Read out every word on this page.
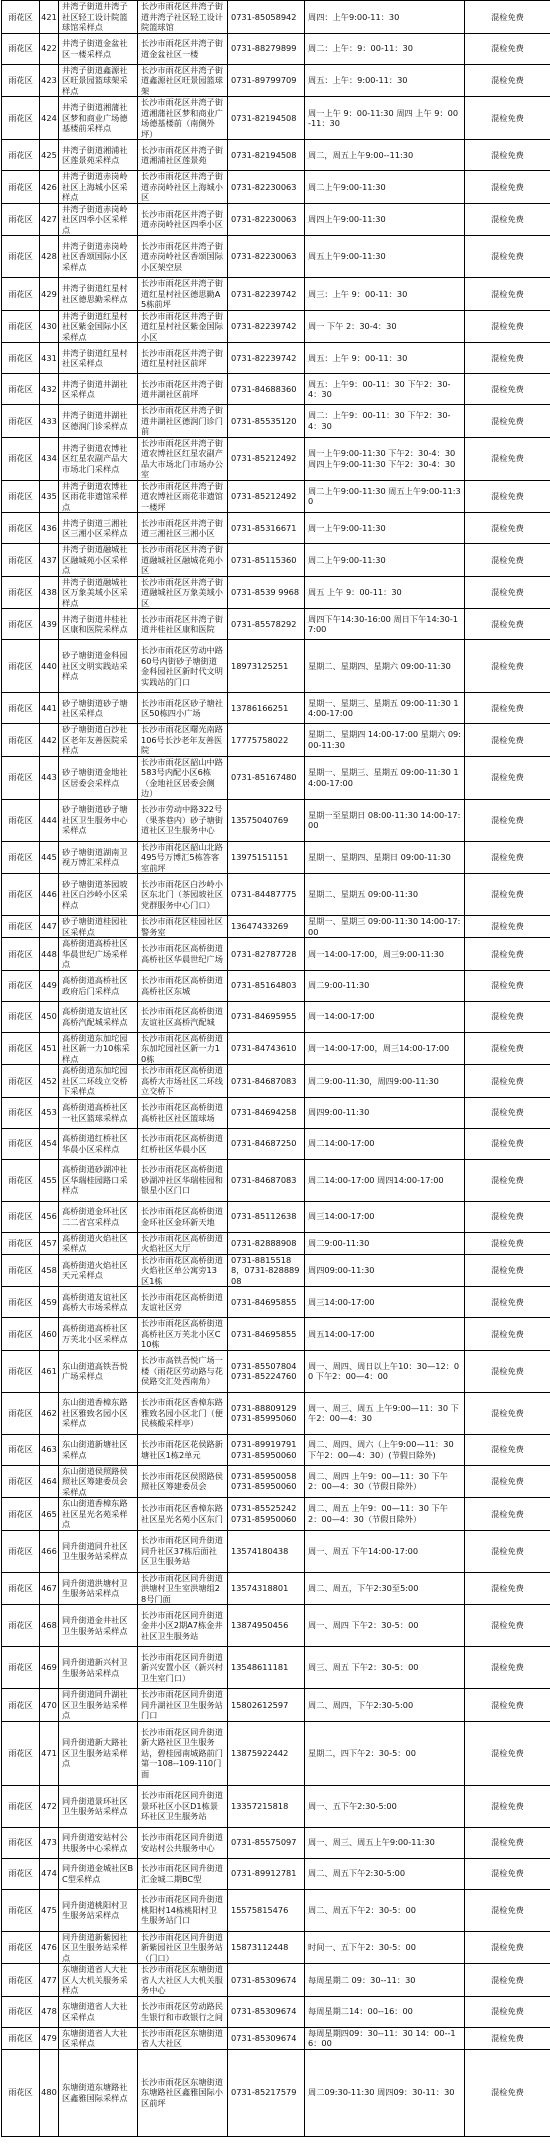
雨花区	421	井湾子街道井湾子社区轻工设计院篮球馆采样点	长沙市雨花区井湾子街道井湾子社区轻工设计院篮球馆	0731-85058942	周四：上午9:00-11：30	混检免费
雨花区	422	井湾子街道金盆社区一楼采样点	长沙市雨花区井湾子街道金盆社区一楼	0731-88279899	周二：上午：9：00-11：30	混检免费
雨花区	423	井湾子街道鑫源社区旺景园篮球架采样点	长沙市雨花区井湾子街道鑫源社区旺景园篮球架	0731-89799709	周五：上午：9:00-11：30	混检免费
雨花区	424	井湾子街道湘蒲社区梦和商业广场德基楼前采样点	长沙市雨花区井湾子街道湘蒲社区梦和商业广场德基楼前（南侧外坪）	0731-82194508	周一上午 9：00-11:30 周四 上午 9：00-11：30	混检免费
雨花区	425	井湾子街道湘浦社区莲景苑采样点	长沙市雨花区井湾子街道湘浦社区莲景苑	0731-82194508	周二，周五上午9:00--11:30	混检免费
雨花区	426	井湾子街道赤岗岭社区上海城小区采样点	长沙市雨花区井湾子街道赤岗岭社区上海城小区	0731-82230063	周二上午9:00-11:30	混检免费
雨花区	427	井湾子街道赤岗岭社区四季小区采样点	长沙市雨花区井湾子街道赤岗岭社区四季小区	0731-82230063	周四上午9:00-11:30	混检免费
雨花区	428	井湾子街道赤岗岭社区香颂国际小区采样点	长沙市雨花区井湾子街道赤岗岭社区香颂国际小区架空层	0731-82230063	周五上午9:00-11:30	混检免费
雨花区	429	井湾子街道红星村社区德思勤采样点	长沙市雨花区井湾子街道红星村社区德思勤A5栋前坪	0731-82239742	周三：上午 9：00-11：30	混检免费
雨花区	430	井湾子街道红星村社区紫金国际小区采样点	长沙市雨花区井湾子街道红星村社区紫金国际小区	0731-82239742	周一 下午 2：30-4：30	混检免费
雨花区	431	井湾子街道红星村社区采样点	长沙市雨花区井湾子街道红星村社区前坪	0731-82239742	周五：上午 9：00-11：30	混检免费
雨花区	432	井湾子街道井湖社区采样点	长沙市雨花区井湾子街道井湖社区前坪	0731-84688360	周五：上午9：00-11：30 下午2：30-4：30	混检免费
雨花区	433	井湾子街道井湖社区德润门诊采样点	长沙市雨花区井湾子街道井湖社区德润门诊门前	0731-85535120	周二：上午9：00-11：30 下午2：30-4：30	混检免费
雨花区	434	井湾子街道农博社区红星农副产品大市场北门采样点	长沙市雨花区井湾子街道农博社区红星农副产品大市场北门市场办公室	0731-85212492	周一上午9:00-11:30 下午2：30-4：30 周四上午9:00-11:30 下午2：30-4：30	混检免费
雨花区	435	井湾子街道农博社区雨花非遗馆采样点	长沙市雨花区井湾子街道农博社区雨花非遗馆一楼坪	0731-85212492	周二上午9:00-11:30 周五上午9:00-11:30	混检免费
雨花区	436	井湾子街道三湘社区三湘小区采样点	长沙市雨花区井湾子街道三湘社区三湘小区	0731-85316671	周一上午9:00-11:30	混检免费
雨花区	437	井湾子街道融城社区融城苑小区采样点	长沙市雨花区井湾子街道融城社区融城花苑小区	0731-85115360	周二上午9:00-11:30	混检免费
雨花区	438	井湾子街道融城社区万象美域小区采样点	长沙市雨花区井湾子街道融城社区万象美域小区	0731-8539 9968	周五 上午 9：00-11：30	混检免费
雨花区	439	井湾子街道井桂社区康和医院采样点	长沙市雨花区井湾子街道井桂社区康和医院	0731-85578292	周四下午14:30-16:00 周日下午14:30-17:00	混检免费
雨花区	440	砂子塘街道金科园社区文明实践站采样点	长沙市雨花区劳动中路60号内街砂子塘街道金科园社区新时代文明实践站的门口	18973125251	星期二、星期四、星期六 09:00-11:30	混检免费
雨花区	441	砂子塘街道砂子塘社区采样点	长沙市雨花区砂子塘社区50栋四小广场	13786166251	星期一、星期三、星期五 09:00-11:30 14:00-17:00	混检免费
雨花区	442	砂子塘街道白沙社区老年友善医院采样点	长沙市雨花区曙光南路106号长沙老年友善医院	17775758022	星期二、星期四 14:00-17:00 星期六 09:00-11:30	混检免费
雨花区	443	砂子塘街道金地社区居委会采样点	长沙市雨花区韶山中路583号内配小区6栋（金地社区居委会侧边）	0731-85167480	星期一、星期三、星期五 09:00-11:30 14:00-17:00	混检免费
雨花区	444	砂子塘街道砂子塘社区卫生服务中心采样点	长沙市劳动中路322号（果茶巷内）砂子塘街道社区卫生服务中心	13575040769	星期一至星期日 08:00-11:30 14:00-17:00	混检免费
雨花区	445	砂子塘街道湖南卫视万博汇采样点	长沙市雨花区韶山北路495号万博汇5栋答客室前坪	13975151151	星期一、星期四、星期日 09:00-11:30	混检免费
雨花区	446	砂子塘街道茶园坡社区白沙岭小区采样点	长沙市雨花区白沙岭小区东北门（茶园坡社区党群服务中心门口）	0731-84487775	星期二、星期五 09:00-11:30	混检免费
雨花区	447	砂子塘街道桂园社区采样点	长沙市雨花区桂园社区警务室	13647433269	星期一、星期三 09:00-11:30 14:00-17:00	混检免费
雨花区	448	高桥街道高桥社区华晨世纪广场采样点	长沙市雨花区高桥街道高桥社区华晨世纪广场	0731-82787728	周一14:00-17:00，周三9:00-11:30	混检免费
雨花区	449	高桥街道高桥社区政府后门采样点	长沙市雨花区高桥街道高桥社区东城	0731-85164803	周二9:00-11:30	混检免费
雨花区	450	高桥街道友谊社区高桥汽配城采样点	长沙市雨花区高桥街道友谊社区高桥汽配城	0731-84695955	周一14:00-17:00	混检免费
雨花区	451	高桥街道东加坨园社区新一力10栋采样点	长沙市雨花区高桥街道东加坨园社区新一力10栋	0731-84743610	周一14:00-17:00，周三14:00-17:00	混检免费
雨花区	452	高桥街道东加坨园社区二环线立交桥下采样点	长沙市雨花区高桥街道高桥大市场社区二环线立交桥下	0731-84687083	周二9:00-11:30，周四9:00-11:30	混检免费
雨花区	453	高桥街道高桥社区一社区篮球采样点	长沙市雨花区高桥街道高桥社区社区篮球场	0731-84694258	周四9:00-11:30	混检免费
雨花区	454	高桥街道红桥社区华晨小区采样点	长沙市雨花区高桥街道红桥社区华晨小区	0731-84687250	周二14:00-17:00	混检免费
雨花区	455	高桥街道砂湖冲社区华瑞桂园路口采样点	长沙市雨花区高桥街道砂湖冲社区华瑞桂园和银星小区门口	0731-84687083	周二14:00-17:00 周四14:00-17:00	混检免费
雨花区	456	高桥街道金环社区二二省宫采样点	长沙市雨花区高桥街道金环社区金环新天地	0731-85112638	周三14:00-17:00	混检免费
雨花区	457	高桥街道火焰社区采样点	长沙市雨花区高桥街道火焰社区大厅	0731-82888908	周二9:00-11:30	混检免费
雨花区	458	高桥街道火焰社区天元采样点	长沙市雨花区高桥街道火焰社区单公寓旁13区1栋	0731-88155188，0731-82888908	周四09:00-11:30	混检免费
雨花区	459	高桥街道友谊社区高桥大市场采样点	长沙市雨花区高桥街道友谊社区旁	0731-84695855	周三14:00-17:00	混检免费
雨花区	460	高桥街道高桥社区万芙北小区采样点	长沙市雨花区高桥街道高桥社区万芙北小区C10栋	0731-84695855	周五14:00-17:00	混检免费
雨花区	461	东山街道高铁吾悦广场采样点	长沙市高铁吾悦广场一楼（雨花区劳动路与花侯路交汇处西南角）	0731-85507804 0731-85224760	周一、周四、周日以上午10：30—12：00 下午2：00—4：00	混检免费
雨花区	462	东山街道香樟东路社区雅致名园小区采样点	长沙市雨花区香樟东路雅致名园小区北门（便民核酸采样亭）	0731-88809129 0731-85995060	周一、周三、周五 上午9:00—11：30 下午2：00—4：30	混检免费
雨花区	463	东山街道新塘社区采样点	长沙市雨花区花侯路新塘社区1栋2单元	0731-89919791 0731-85950060	周二、周四、周六（上午9:00—11：30 下午2：00—4：30）(节假日除外)	混检免费
雨花区	464	东山街道侯照路侯照社区筹建委员会采样点	长沙市雨花区侯照路侯照社区筹建委员会	0731-85950058 0731-85950060	周二、周四 上午9：00—11：30 下午2：00—4：30（节假日除外）	混检免费
雨花区	465	东山街道香樟东路社区星光名苑采样点	长沙市雨花区香樟东路社区星光名苑小区东门	0731-85525242 0731-85950060	周二、周五 上午9：00—11：30 下午2：00—4：30（节假日除外）	混检免费
雨花区	466	同升街道同升社区卫生服务站采样点	长沙市雨花区同升街道同升社区37栋后面社区卫生服务站	13574180438	周一、周五 下午14:00-17:00	混检免费
雨花区	467	同升街道洪塘村卫生服务站采样点	长沙市雨花区同升街道洪塘村卫生室洪塘组28号门面	13574318801	周二、周五，下午2:30至5:00	混检免费
雨花区	468	同升街道金井社区卫生服务站采样点	长沙市雨花区同升街道金井小区2期A7栋金井社区卫生服务站	13874950456	周一、周四 下午2：30-5：00	混检免费
雨花区	469	同升街道新兴村卫生服务站采样点	长沙市雨花区同升街道新兴安置小区（新兴村卫生室门口）	13548611181	周三、周五 下午2：30-5：00	混检免费
雨花区	470	同升街道同升湖社区卫生服务站采样点	长沙市雨花区同升街道同升湖社区卫生服务站门口	15802612597	周二、周四，下午2:30-5:00	混检免费
雨花区	471	同升街道新大路社区卫生服务站采样点	长沙市雨花区同升街道新大路社区卫生服务站，碧桂园南城路前门第一108--109-110门面	13875922442	星期二，四下午2：30-5：00	混检免费
雨花区	472	同升街道景环社区卫生服务站采样点	长沙市雨花区同升街道景环社区小区D1栋景环社区卫生服务站	13357215818	周一、五下午2:30-5:00	混检免费
雨花区	473	同升街道安站村公共服务中心采样点	长沙市雨花区同升街道安站村公共服务中心	0731-85575097	周一、周三、周五上午9:00-11:30	混检免费
雨花区	474	同升街道金城社区BC型采样点	长沙市雨花区同升街道汇金城二期BC型	0731-89912781	周二、周五下午2:30-5:00	混检免费
雨花区	475	同升街道桃阳村卫生服务站采样点	长沙市雨花区同升街道桃阳村14栋桃阳村卫生服务站门口	15575815476	周二、周五下午2：30-5：00	混检免费
雨花区	476	同升街道新紫园社区卫生服务站采样点	长沙市雨花区同升街道新紫园社区卫生服务站（门口）	15873112448	时间一、五下午2：30-5：00	混检免费
雨花区	477	东塘街道省人大社区人大机关服务采样点	长沙市雨花区东塘街道省人大社区人大机关服务中心	0731-85309674	每周星期二 09：30--11：30	混检免费
雨花区	478	东塘街道省人大社区采样点	长沙市雨花区劳动路民生银行和市政银行之间	0731-85309674	每周星期二14：00--16：00	混检免费
雨花区	479	东塘街道省人大社区采样点	长沙市雨花区东塘街道省人大社区	0731-85309674	每周星期四09：30--11：30 14：00--16：00	混检免费
雨花区	480	东塘街道东塘路社区鑫雅国际采样点	长沙市雨花区东塘街道东塘路社区鑫雅国际小区前坪	0731-85217579	周二09:30-11:30 周四09：30-11：30	混检免费
